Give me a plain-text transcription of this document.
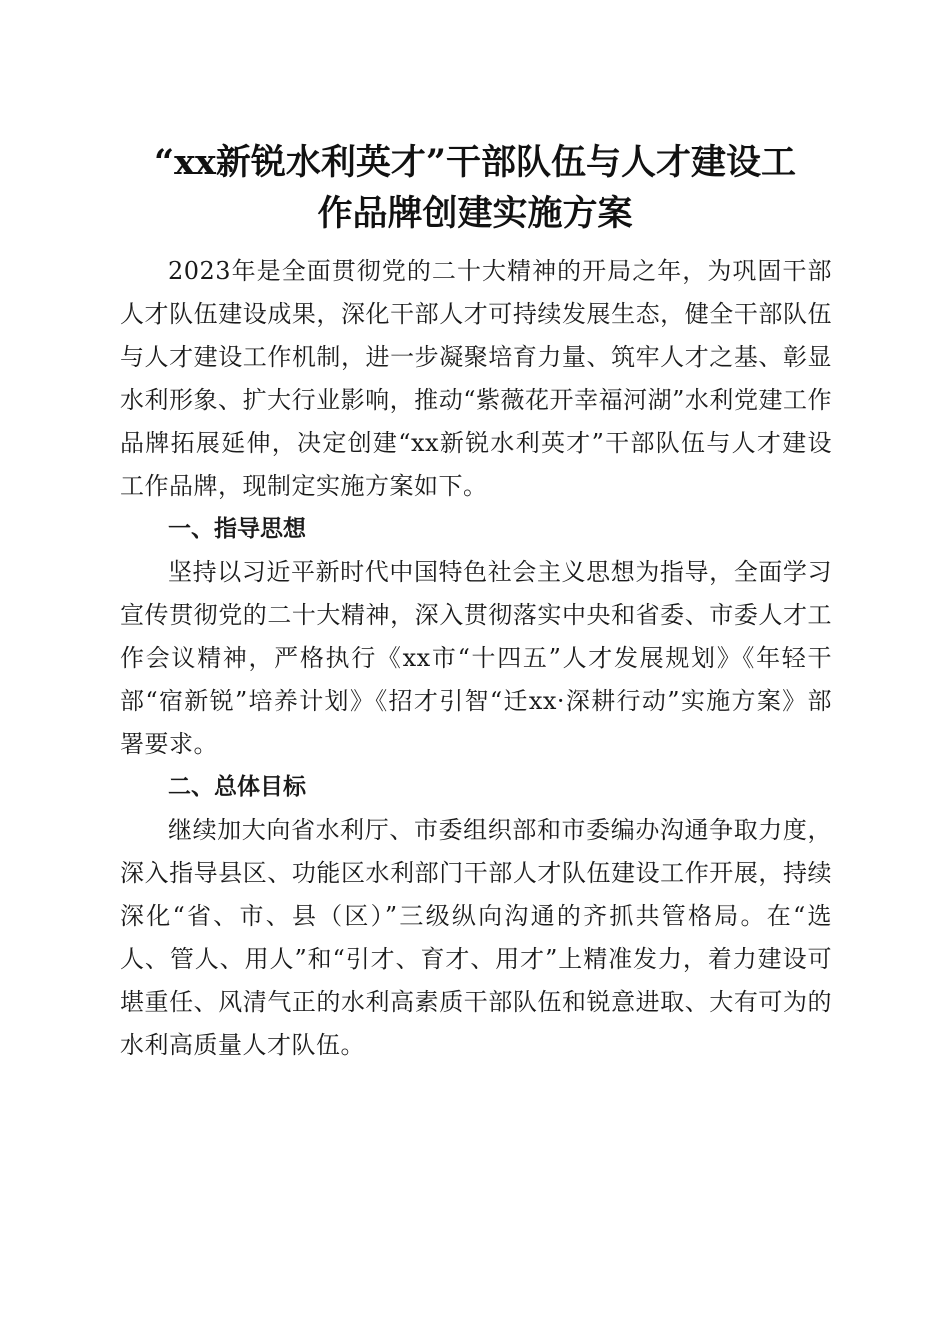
“xx新锐水利英才”干部队伍与人才建设工
作品牌创建实施方案

2023年是全面贯彻党的二十大精神的开局之年，为巩固干部人才队伍建设成果，深化干部人才可持续发展生态，健全干部队伍与人才建设工作机制，进一步凝聚培育力量、筑牢人才之基、彰显水利形象、扩大行业影响，推动“紫薇花开幸福河湖”水利党建工作品牌拓展延伸，决定创建“xx新锐水利英才”干部队伍与人才建设工作品牌，现制定实施方案如下。

一、指导思想

坚持以习近平新时代中国特色社会主义思想为指导，全面学习宣传贯彻党的二十大精神，深入贯彻落实中央和省委、市委人才工作会议精神，严格执行《xx市“十四五”人才发展规划》《年轻干部“宿新锐”培养计划》《招才引智“迁xx·深耕行动”实施方案》部署要求。

二、总体目标

继续加大向省水利厅、市委组织部和市委编办沟通争取力度，深入指导县区、功能区水利部门干部人才队伍建设工作开展，持续深化“省、市、县（区）”三级纵向沟通的齐抓共管格局。在“选人、管人、用人”和“引才、育才、用才”上精准发力，着力建设可堪重任、风清气正的水利高素质干部队伍和锐意进取、大有可为的水利高质量人才队伍。
